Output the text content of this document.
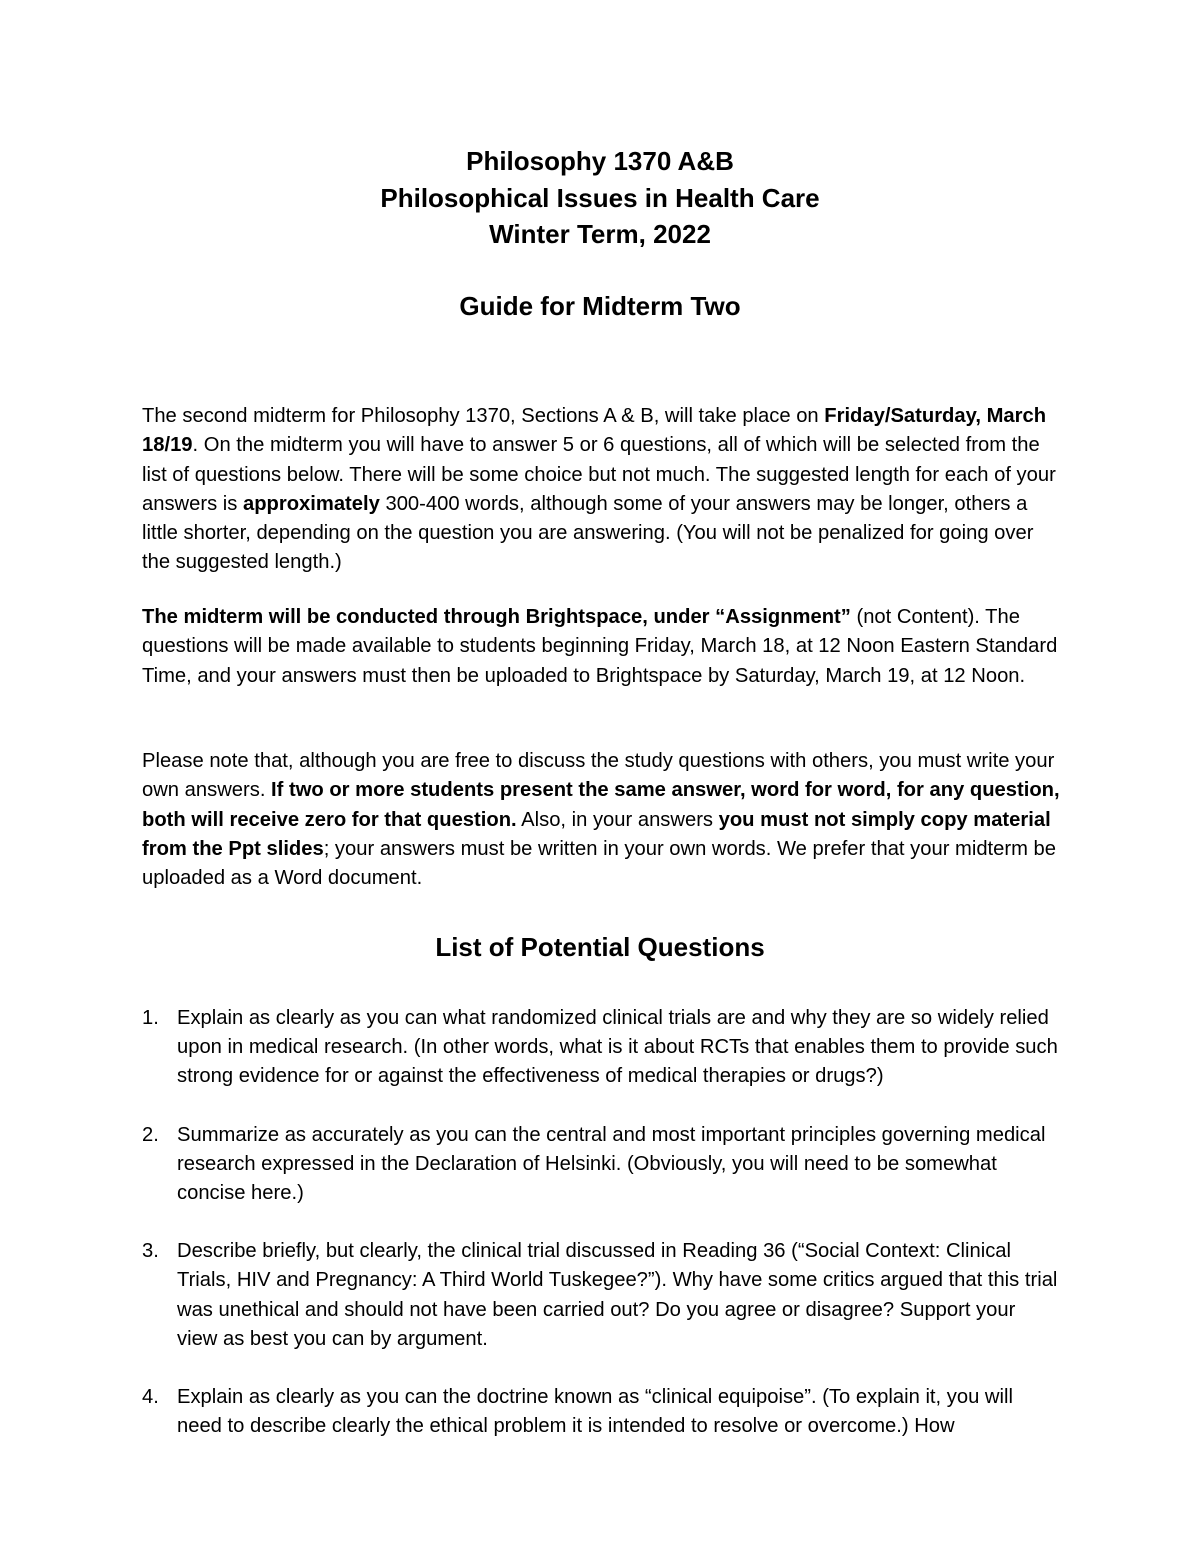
Philosophy 1370 A&B
Philosophical Issues in Health Care
Winter Term, 2022
Guide for Midterm Two

The second midterm for Philosophy 1370, Sections A & B, will take place on Friday/Saturday, March 18/19. On the midterm you will have to answer 5 or 6 questions, all of which will be selected from the list of questions below. There will be some choice but not much. The suggested length for each of your answers is approximately 300-400 words, although some of your answers may be longer, others a little shorter, depending on the question you are answering. (You will not be penalized for going over the suggested length.)

The midterm will be conducted through Brightspace, under “Assignment” (not Content). The questions will be made available to students beginning Friday, March 18, at 12 Noon Eastern Standard Time, and your answers must then be uploaded to Brightspace by Saturday, March 19, at 12 Noon.

Please note that, although you are free to discuss the study questions with others, you must write your own answers. If two or more students present the same answer, word for word, for any question, both will receive zero for that question. Also, in your answers you must not simply copy material from the Ppt slides; your answers must be written in your own words. We prefer that your midterm be uploaded as a Word document.

List of Potential Questions
1. Explain as clearly as you can what randomized clinical trials are and why they are so widely relied upon in medical research. (In other words, what is it about RCTs that enables them to provide such strong evidence for or against the effectiveness of medical therapies or drugs?)
2. Summarize as accurately as you can the central and most important principles governing medical research expressed in the Declaration of Helsinki. (Obviously, you will need to be somewhat concise here.)
3. Describe briefly, but clearly, the clinical trial discussed in Reading 36 (“Social Context: Clinical Trials, HIV and Pregnancy: A Third World Tuskegee?”). Why have some critics argued that this trial was unethical and should not have been carried out? Do you agree or disagree? Support your view as best you can by argument.
4. Explain as clearly as you can the doctrine known as “clinical equipoise”. (To explain it, you will need to describe clearly the ethical problem it is intended to resolve or overcome.) How
